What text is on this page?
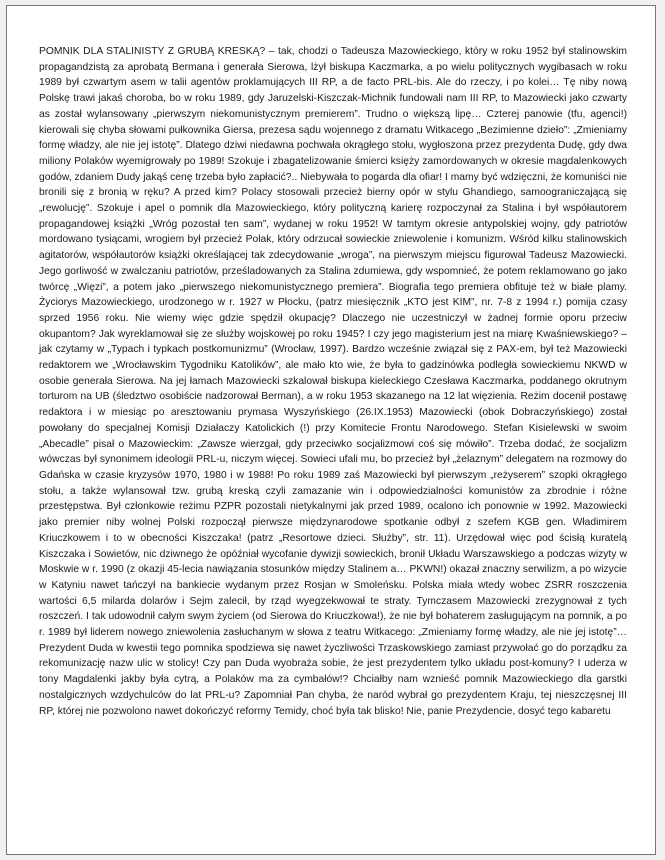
POMNIK DLA STALINISTY Z GRUBĄ KRESKĄ? – tak, chodzi o Tadeusza Mazowieckiego, który w roku 1952 był stalinowskim propagandzistą za aprobatą Bermana i generała Sierowa, lżył biskupa Kaczmarka, a po wielu politycznych wygibasach w roku 1989 był czwartym asem w talii agentów proklamujących III RP, a de facto PRL-bis. Ale do rzeczy, i po kolei… Tę niby nową Polskę trawi jakaś choroba, bo w roku 1989, gdy Jaruzelski-Kiszczak-Michnik fundowali nam III RP, to Mazowiecki jako czwarty as został wylansowany „pierwszym niekomunistycznym premierem”. Trudno o większą lipę… Czterej panowie (tfu, agenci!) kierowali się chyba słowami pułkownika Giersa, prezesa sądu wojennego z dramatu Witkacego „Bezimienne dzieło”: „Zmieniamy formę władzy, ale nie jej istotę”. Dlatego dziwi niedawna pochwała okrągłego stołu, wygłoszona przez prezydenta Dudę, gdy dwa miliony Polaków wyemigrowały po 1989! Szokuje i zbagatelizowanie śmierci księży zamordowanych w okresie magdalenkowych godów, zdaniem Dudy jakąś cenę trzeba było zapłacić?.. Niebywała to pogarda dla ofiar! I mamy być wdzięczni, że komuniści nie bronili się z bronią w ręku? A przed kim? Polacy stosowali przecież bierny opór w stylu Ghandiego, samoograniczającą się „rewolucję”. Szokuje i apel o pomnik dla Mazowieckiego, który polityczną karierę rozpoczynał za Stalina i był współautorem propagandowej książki „Wróg pozostał ten sam”, wydanej w roku 1952! W tamtym okresie antypolskiej wojny, gdy patriotów mordowano tysiącami, wrogiem był przecież Polak, który odrzucał sowieckie zniewolenie i komunizm. Wśród kilku stalinowskich agitatorów, współautorów książki określającej tak zdecydowanie „wroga”, na pierwszym miejscu figurował Tadeusz Mazowiecki. Jego gorliwość w zwalczaniu patriotów, prześladowanych za Stalina zdumiewa, gdy wspomnieć, że potem reklamowano go jako twórcę „Więzi”, a potem jako „pierwszego niekomunistycznego premiera”. Biografia tego premiera obfituje też w białe plamy. Życiorys Mazowieckiego, urodzonego w r. 1927 w Płocku, (patrz miesięcznik „KTO jest KIM”, nr. 7-8 z 1994 r.) pomija czasy sprzed 1956 roku. Nie wiemy więc gdzie spędził okupację? Dlaczego nie uczestniczył w żadnej formie oporu przeciw okupantom? Jak wyreklamował się ze służby wojskowej po roku 1945? I czy jego magisterium jest na miarę Kwaśniewskiego? – jak czytamy w „Typach i typkach postkomunizmu” (Wrocław, 1997). Bardzo wcześnie związał się z PAX-em, był też Mazowiecki redaktorem we „Wrocławskim Tygodniku Katolików”, ale mało kto wie, że była to gadzinówka podległa sowieckiemu NKWD w osobie generała Sierowa. Na jej łamach Mazowiecki szkalował biskupa kieleckiego Czesława Kaczmarka, poddanego okrutnym torturom na UB (śledztwo osobiście nadzorował Berman), a w roku 1953 skazanego na 12 lat więzienia. Reżim docenił postawę redaktora i w miesiąc po aresztowaniu prymasa Wyszyńskiego (26.IX.1953) Mazowiecki (obok Dobraczyńskiego) został powołany do specjalnej Komisji Działaczy Katolickich (!) przy Komitecie Frontu Narodowego. Stefan Kisielewski w swoim „Abecadle” pisał o Mazowieckim: „Zawsze wierzgał, gdy przeciwko socjalizmowi coś się mówiło”. Trzeba dodać, że socjalizm wówczas był synonimem ideologii PRL-u, niczym więcej. Sowieci ufali mu, bo przecież był „żelaznym” delegatem na rozmowy do Gdańska w czasie kryzysów 1970, 1980 i w 1988! Po roku 1989 zaś Mazowiecki był pierwszym „reżyserem” szopki okrągłego stołu, a także wylansował tzw. grubą kreską czyli zamazanie win i odpowiedzialności komunistów za zbrodnie i różne przestępstwa. Był członkowie reżimu PZPR pozostali nietykalnymi jak przed 1989, ocalono ich ponownie w 1992. Mazowiecki jako premier niby wolnej Polski rozpoczął pierwsze międzynarodowe spotkanie odbył z szefem KGB gen. Władimirem Kriuczkowem i to w obecności Kiszczaka! (patrz „Resortowe dzieci. Służby”, str. 11). Urzędował więc pod ścisłą kuratelą Kiszczaka i Sowietów, nic dziwnego że opóźniał wycofanie dywizji sowieckich, bronił Układu Warszawskiego a podczas wizyty w Moskwie w r. 1990 (z okazji 45-lecia nawiązania stosunków między Stalinem a… PKWN!) okazał znaczny serwilizm, a po wizycie w Katyniu nawet tańczył na bankiecie wydanym przez Rosjan w Smoleńsku. Polska miała wtedy wobec ZSRR roszczenia wartości 6,5 milarda dolarów i Sejm zalecił, by rząd wyegzekwował te straty. Tymczasem Mazowiecki zrezygnował z tych roszczeń. I tak udowodnił całym swym życiem (od Sierowa do Kriuczkowa!), że nie był bohaterem zasługującym na pomnik, a po r. 1989 był liderem nowego zniewolenia zasłuchanym w słowa z teatru Witkacego: „Zmieniamy formę władzy, ale nie jej istotę”… Prezydent Duda w kwestii tego pomnika spodziewa się nawet życzliwości Trzaskowskiego zamiast przywołać go do porządku za rekomunizację nazw ulic w stolicy! Czy pan Duda wyobraża sobie, że jest prezydentem tylko układu post-komuny? I uderza w tony Magdalenki jakby była cytrą, a Polaków ma za cymbałów!? Chciałby nam wznieść pomnik Mazowieckiego dla garstki nostalgicznych wzdychulców do lat PRL-u? Zapomniał Pan chyba, że naród wybrał go prezydentem Kraju, tej nieszczęsnej III RP, której nie pozwolono nawet dokończyć reformy Temidy, choć była tak blisko! Nie, panie Prezydencie, dosyć tego kabaretu
